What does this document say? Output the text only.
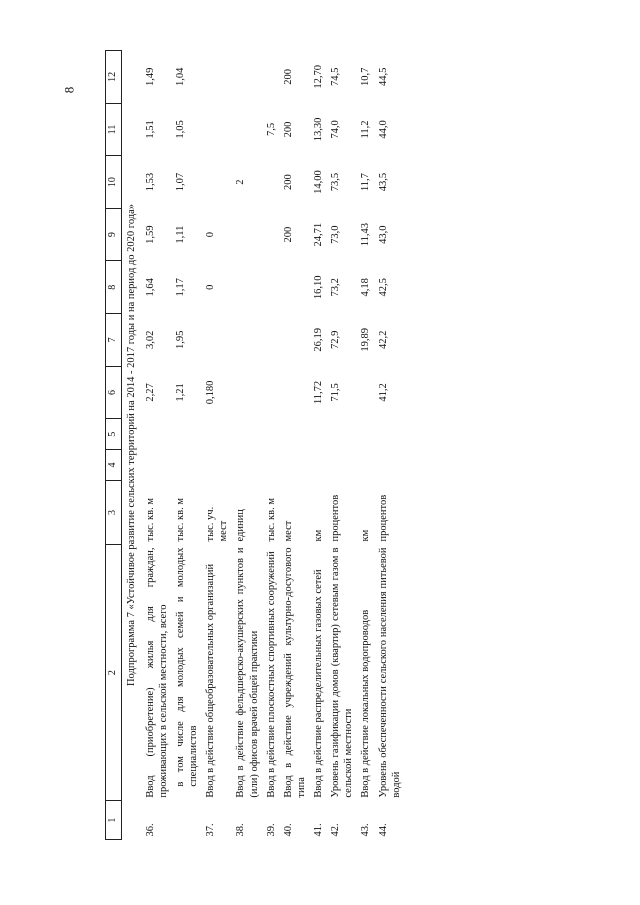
8
1	2	3	4	5	6	7	8	9	10	11	12
Подпрограмма 7 «Устойчивое развитие сельских территорий на 2014 - 2017 годы и на период до 2020 года»											
36.	Ввод (приобретение) жилья для граждан, проживающих в сельской местности, всего	тыс. кв. м			2,27	3,02	1,64	1,59	1,53	1,51	1,49
	в том числе для молодых семей и молодых специалистов	тыс. кв. м			1,21	1,95	1,17	1,11	1,07	1,05	1,04
37.	Ввод в действие общеобразовательных организаций	тыс. уч. мест			0,180		0	0			
38.	Ввод в действие фельдшерско-акушерских пунктов и (или) офисов врачей общей практики	единиц							2		
39.	Ввод в действие плоскостных спортивных сооружений	тыс. кв. м								7,5	
40.	Ввод в действие учреждений культурно-досугового типа	мест						200	200	200	200
41.	Ввод в действие распределительных газовых сетей	км			11,72	26,19	16,10	24,71	14,00	13,30	12,70
42.	Уровень газификации домов (квартир) сетевым газом в сельской местности	процентов			71,5	72,9	73,2	73,0	73,5	74,0	74,5
43.	Ввод в действие локальных водопроводов	км				19,89	4,18	11,43	11,7	11,2	10,7
44.	Уровень обеспеченности сельского населения питьевой водой	процентов			41,2	42,2	42,5	43,0	43,5	44,0	44,5
